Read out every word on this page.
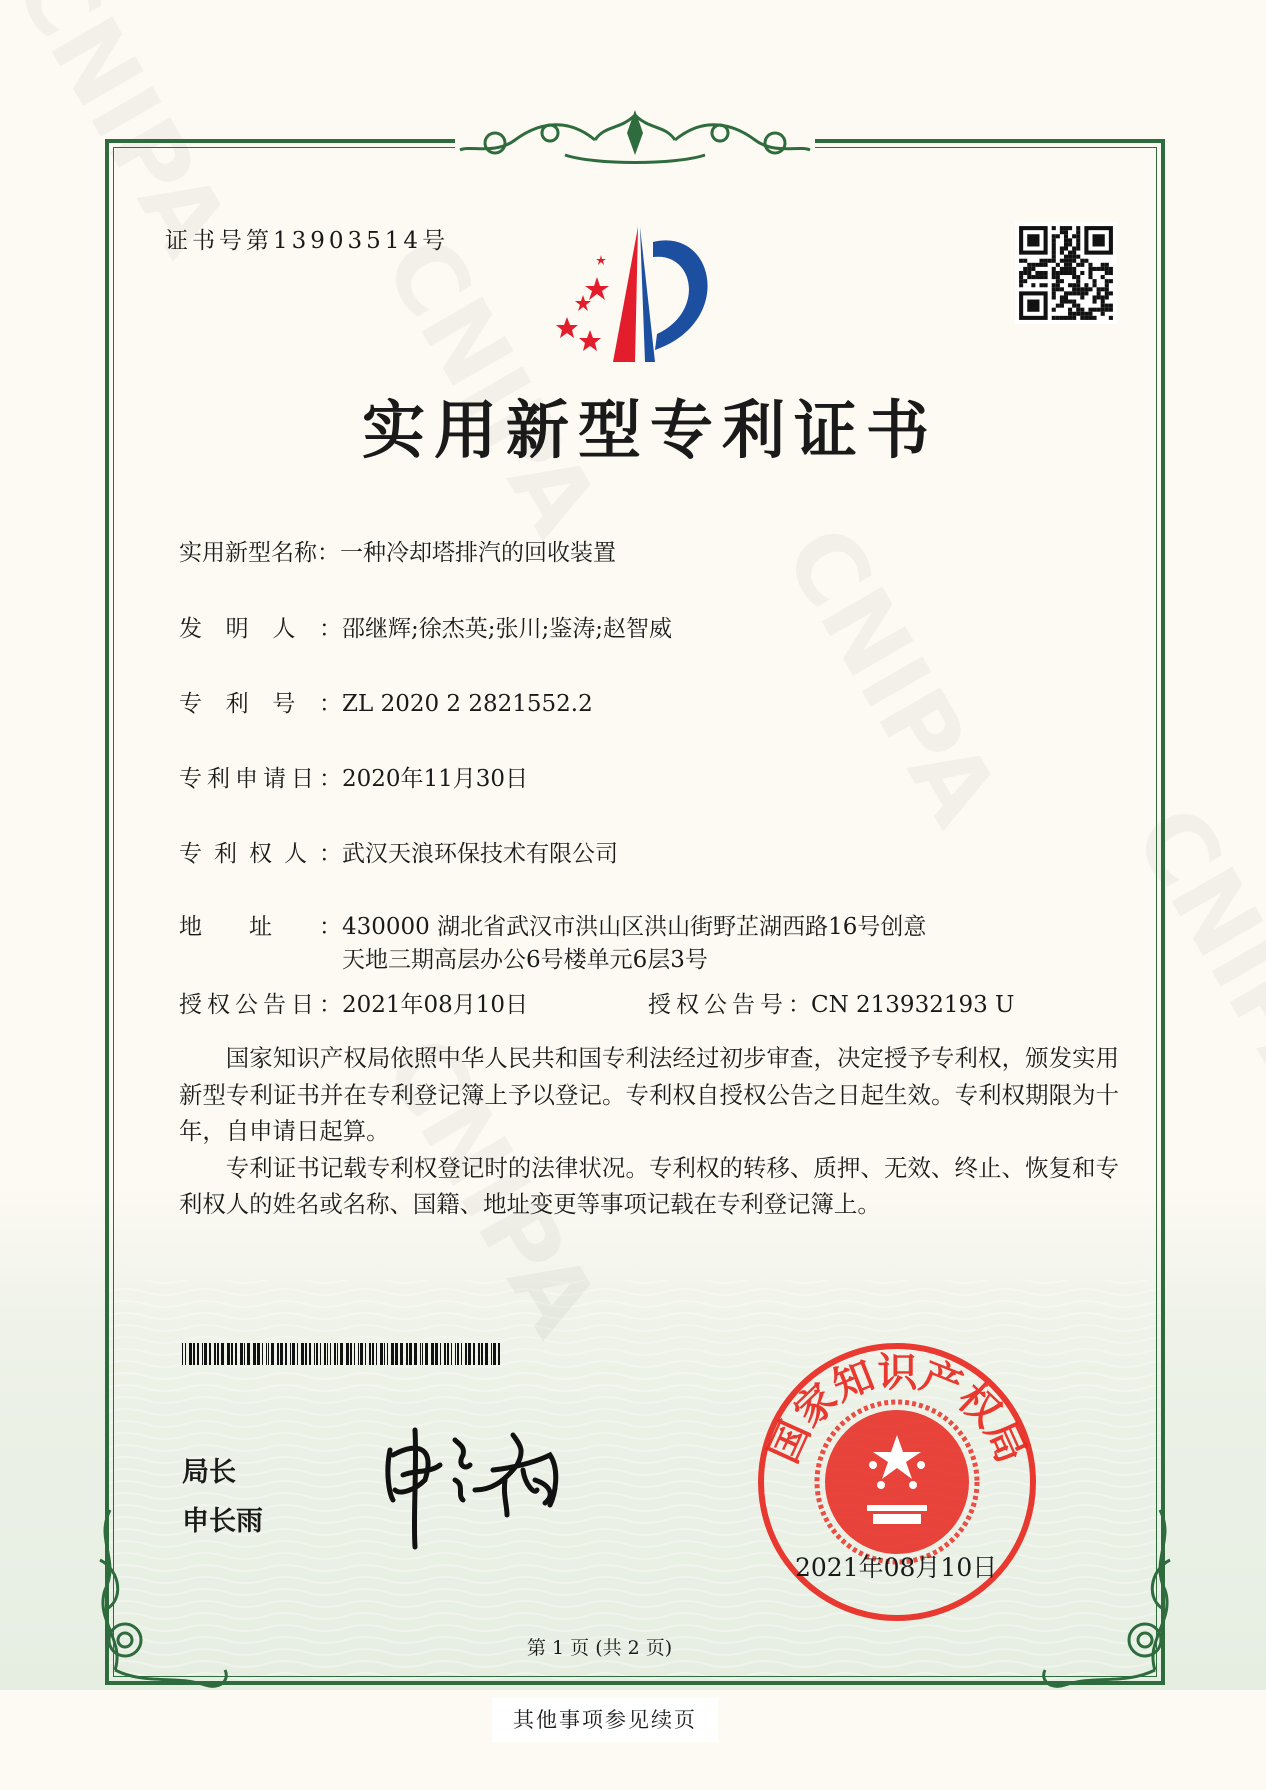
证书号第13903514号
实用新型专利证书
实用新型名称：一种冷却塔排汽的回收装置
发明人：邵继辉;徐杰英;张川;鉴涛;赵智威
专利号：ZL 2020 2 2821552.2
专利申请日：2020年11月30日
专利权人：武汉天浪环保技术有限公司
地址：430000 湖北省武汉市洪山区洪山街野芷湖西路16号创意
天地三期高层办公6号楼单元6层3号
授权公告日：2021年08月10日	授权公告号：CN 213932193 U

国家知识产权局依照中华人民共和国专利法经过初步审查，决定授予专利权，颁发实用新型专利证书并在专利登记簿上予以登记。专利权自授权公告之日起生效。专利权期限为十年，自申请日起算。

专利证书记载专利权登记时的法律状况。专利权的转移、质押、无效、终止、恢复和专利权人的姓名或名称、国籍、地址变更等事项记载在专利登记簿上。

局长
申长雨
国家知识产权局
2021年08月10日
第 1 页 (共 2 页)
其他事项参见续页
